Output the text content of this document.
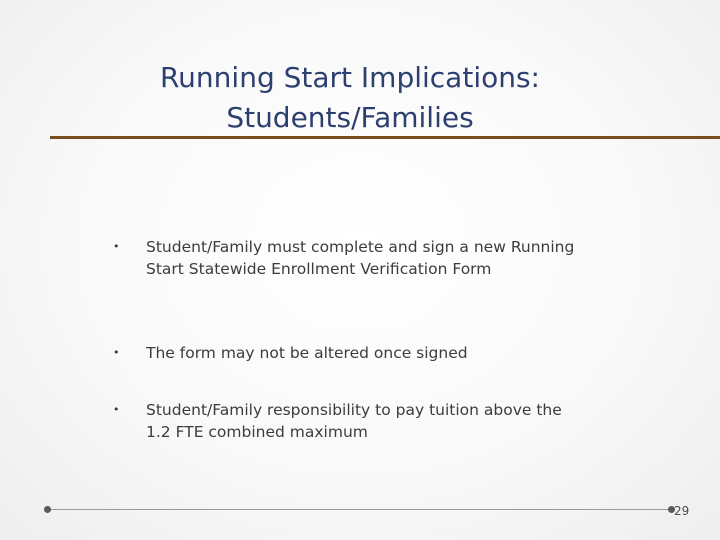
Running Start Implications:
Students/Families
• Student/Family must complete and sign a new Running Start Statewide Enrollment Verification Form
• The form may not be altered once signed
• Student/Family responsibility to pay tuition above the 1.2 FTE combined maximum
29
